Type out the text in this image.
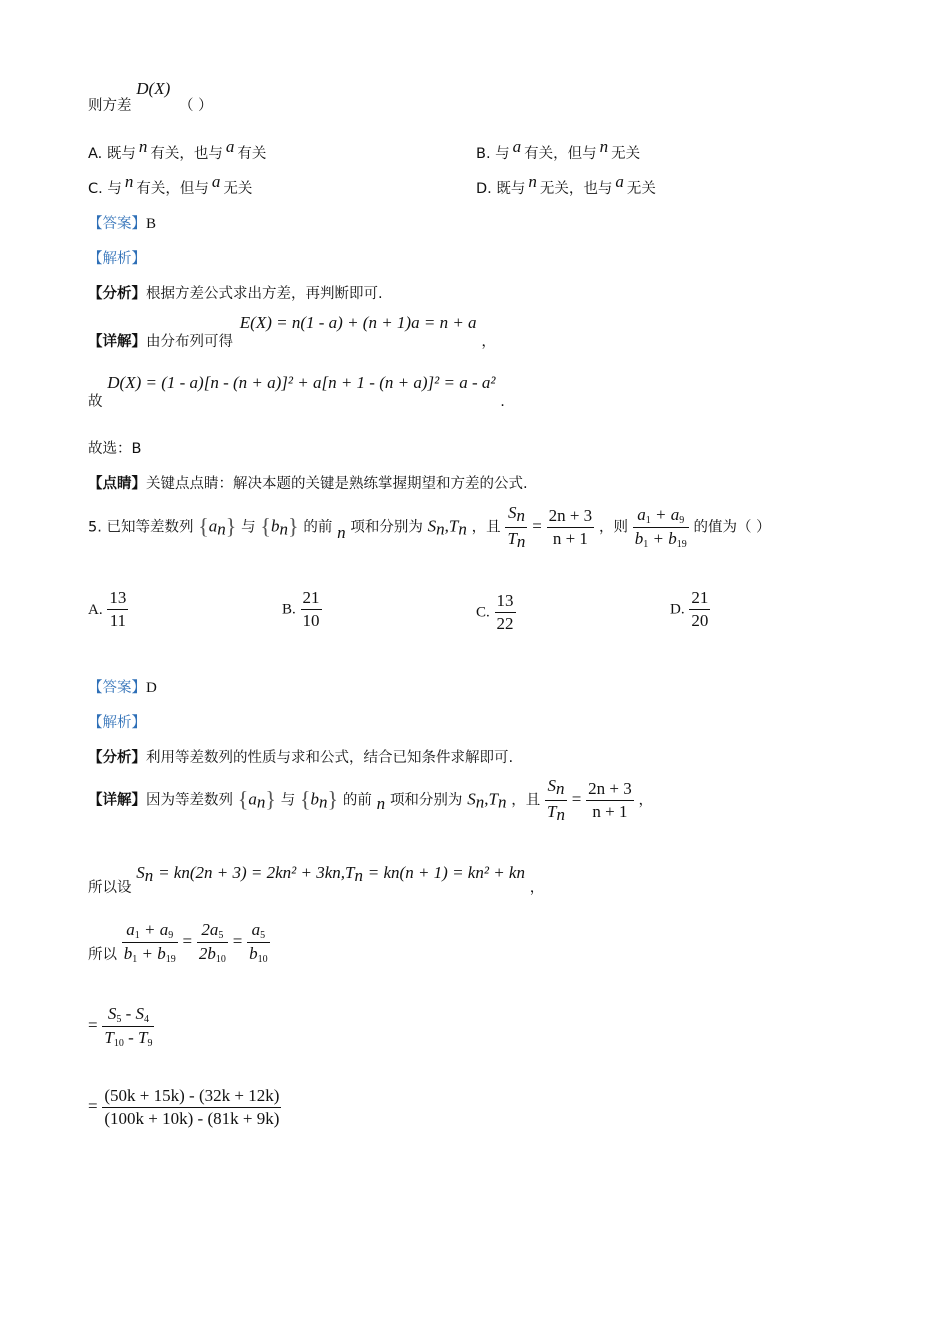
则方差 D(X) （ ）
A. 既与 n 有关，也与 a 有关	B. 与 a 有关，但与 n 无关
C. 与 n 有关，但与 a 无关	D. 既与 n 无关，也与 a 无关
【答案】B
【解析】
【分析】根据方差公式求出方差，再判断即可.
【详解】由分布列可得 E(X) = n(1 - a) + (n + 1)a = n + a ，
故 D(X) = (1 - a)[n - (n + a)]² + a[n + 1 - (n + a)]² = a - a² .
故选：B
【点睛】关键点点睛：解决本题的关键是熟练掌握期望和方差的公式.
5. 已知等差数列 $\{a_n\}$ 与 $\{b_n\}$ 的前 n 项和分别为 $S_n,T_n$ ，且 $\frac{S_n}{T_n} = \frac{2n + 3}{n + 1}$ ，则 $\frac{a_1 + a_9}{b_1 + b_{19}}$ 的值为（ ）
A. $\frac{13}{11}$	B. $\frac{21}{10}$	C. $\frac{13}{22}$	D. $\frac{21}{20}$
【答案】D
【解析】
【分析】利用等差数列的性质与求和公式，结合已知条件求解即可.
【详解】因为等差数列 $\{a_n\}$ 与 $\{b_n\}$ 的前 n 项和分别为 $S_n,T_n$ ，且 $\frac{S_n}{T_n} = \frac{2n + 3}{n + 1}$ ，
所以设 $S_n = kn(2n + 3) = 2kn^2 + 3kn,T_n = kn(n + 1) = kn^2$ + kn ，
所以 $\frac{a_1 + a_9}{b_1 + b_{19}} = \frac{2a_5}{2b_{10}} = \frac{a_5}{b_{10}}$
= $\frac{S_5 - S_4}{T_{10} - T_9}$
= $\frac{(50k + 15k) - (32k + 12k)}{(100k + 10k) - (81k + 9k)}$
